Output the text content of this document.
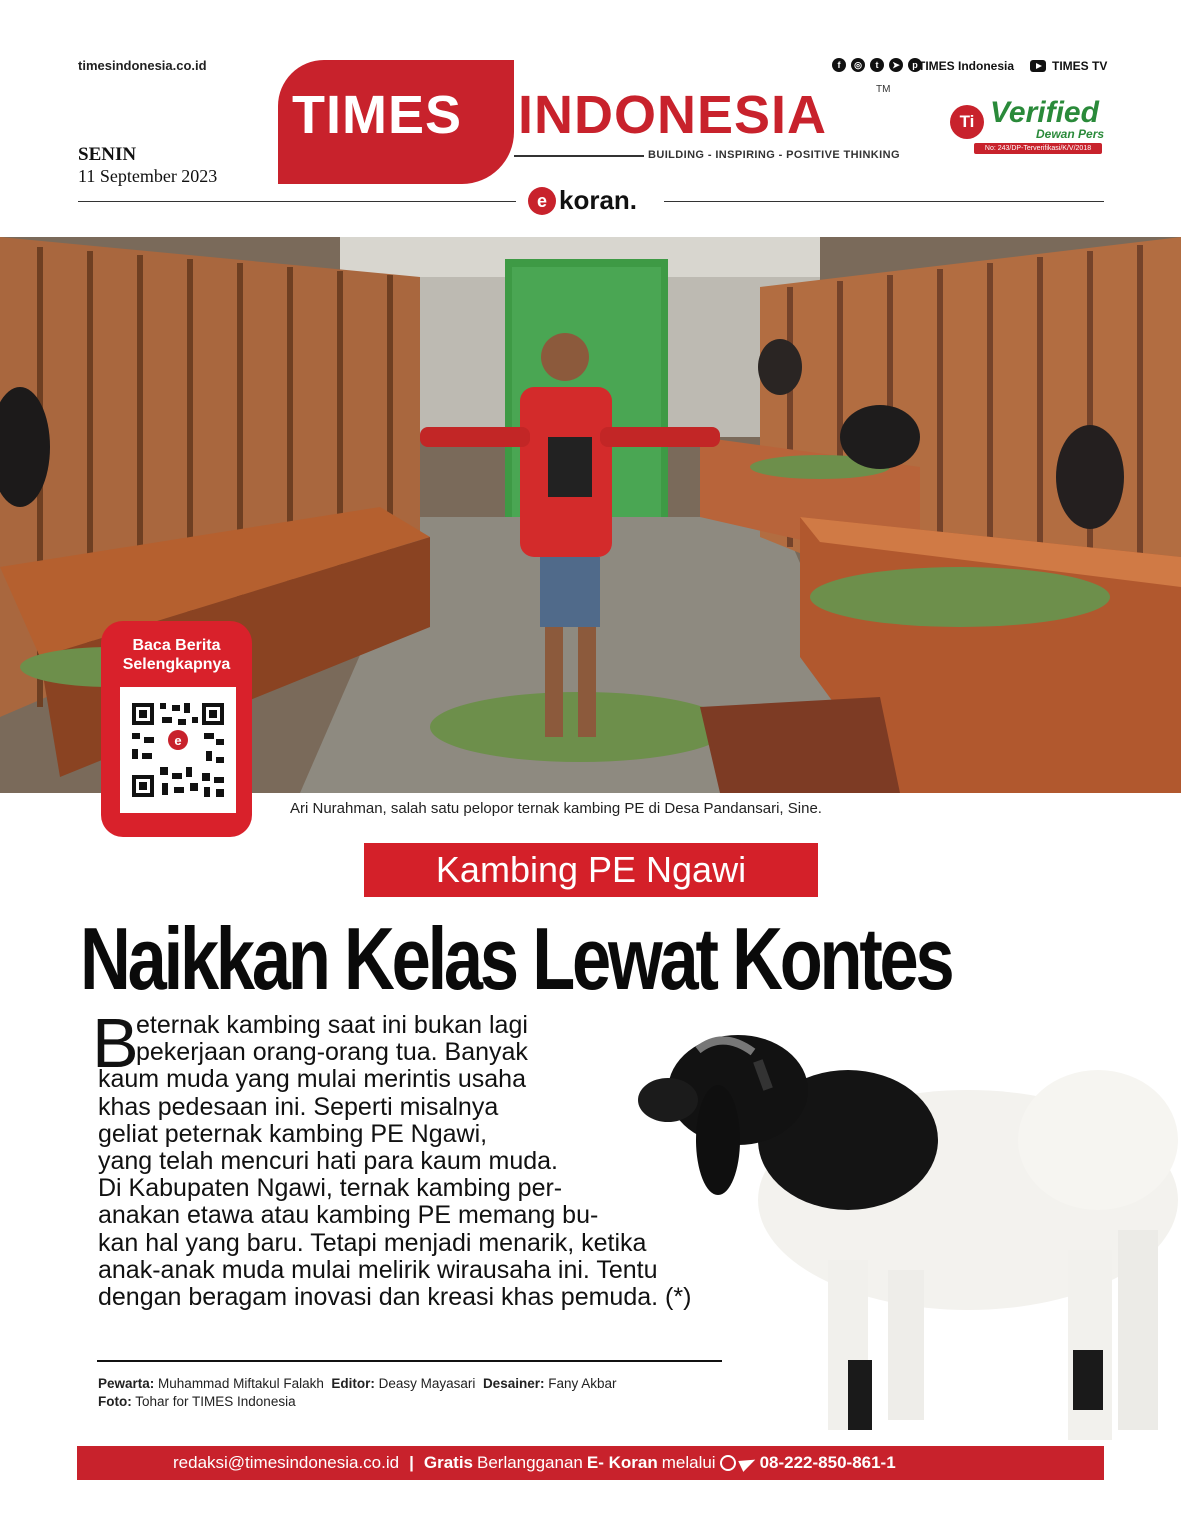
timesindonesia.co.id
SENIN
11 September 2023
TIMES INDONESIA	TM
BUILDING - INSPIRING - POSITIVE THINKING
f	◎	t	➤	p TIMES Indonesia	TIMES TV
Ti Verified
Dewan Pers
No: 243/DP-Terverifikasi/K/V/2018
e koran.
Ari Nurahman, salah satu pelopor ternak kambing PE di Desa Pandansari, Sine.
Baca Berita
Selengkapnya
e
Kambing PE Ngawi
Naikkan Kelas Lewat Kontes
B
eternak kambing saat ini bukan lagi
pekerjaan orang-orang tua. Banyak
kaum muda yang mulai merintis usaha
khas pedesaan ini. Seperti misalnya
geliat peternak kambing PE Ngawi,
yang telah mencuri hati para kaum muda.
Di Kabupaten Ngawi, ternak kambing per-
anakan etawa atau kambing PE memang bu-
kan hal yang baru. Tetapi menjadi menarik, ketika
anak-anak muda mulai melirik wirausaha ini. Tentu
dengan beragam inovasi dan kreasi khas pemuda. (*)
Pewarta: Muhammad Miftakul Falakh Editor: Deasy Mayasari Desainer: Fany Akbar
Foto: Tohar for TIMES Indonesia
redaksi@timesindonesia.co.id | Gratis Berlangganan E- Koran melalui	08-222-850-861-1
